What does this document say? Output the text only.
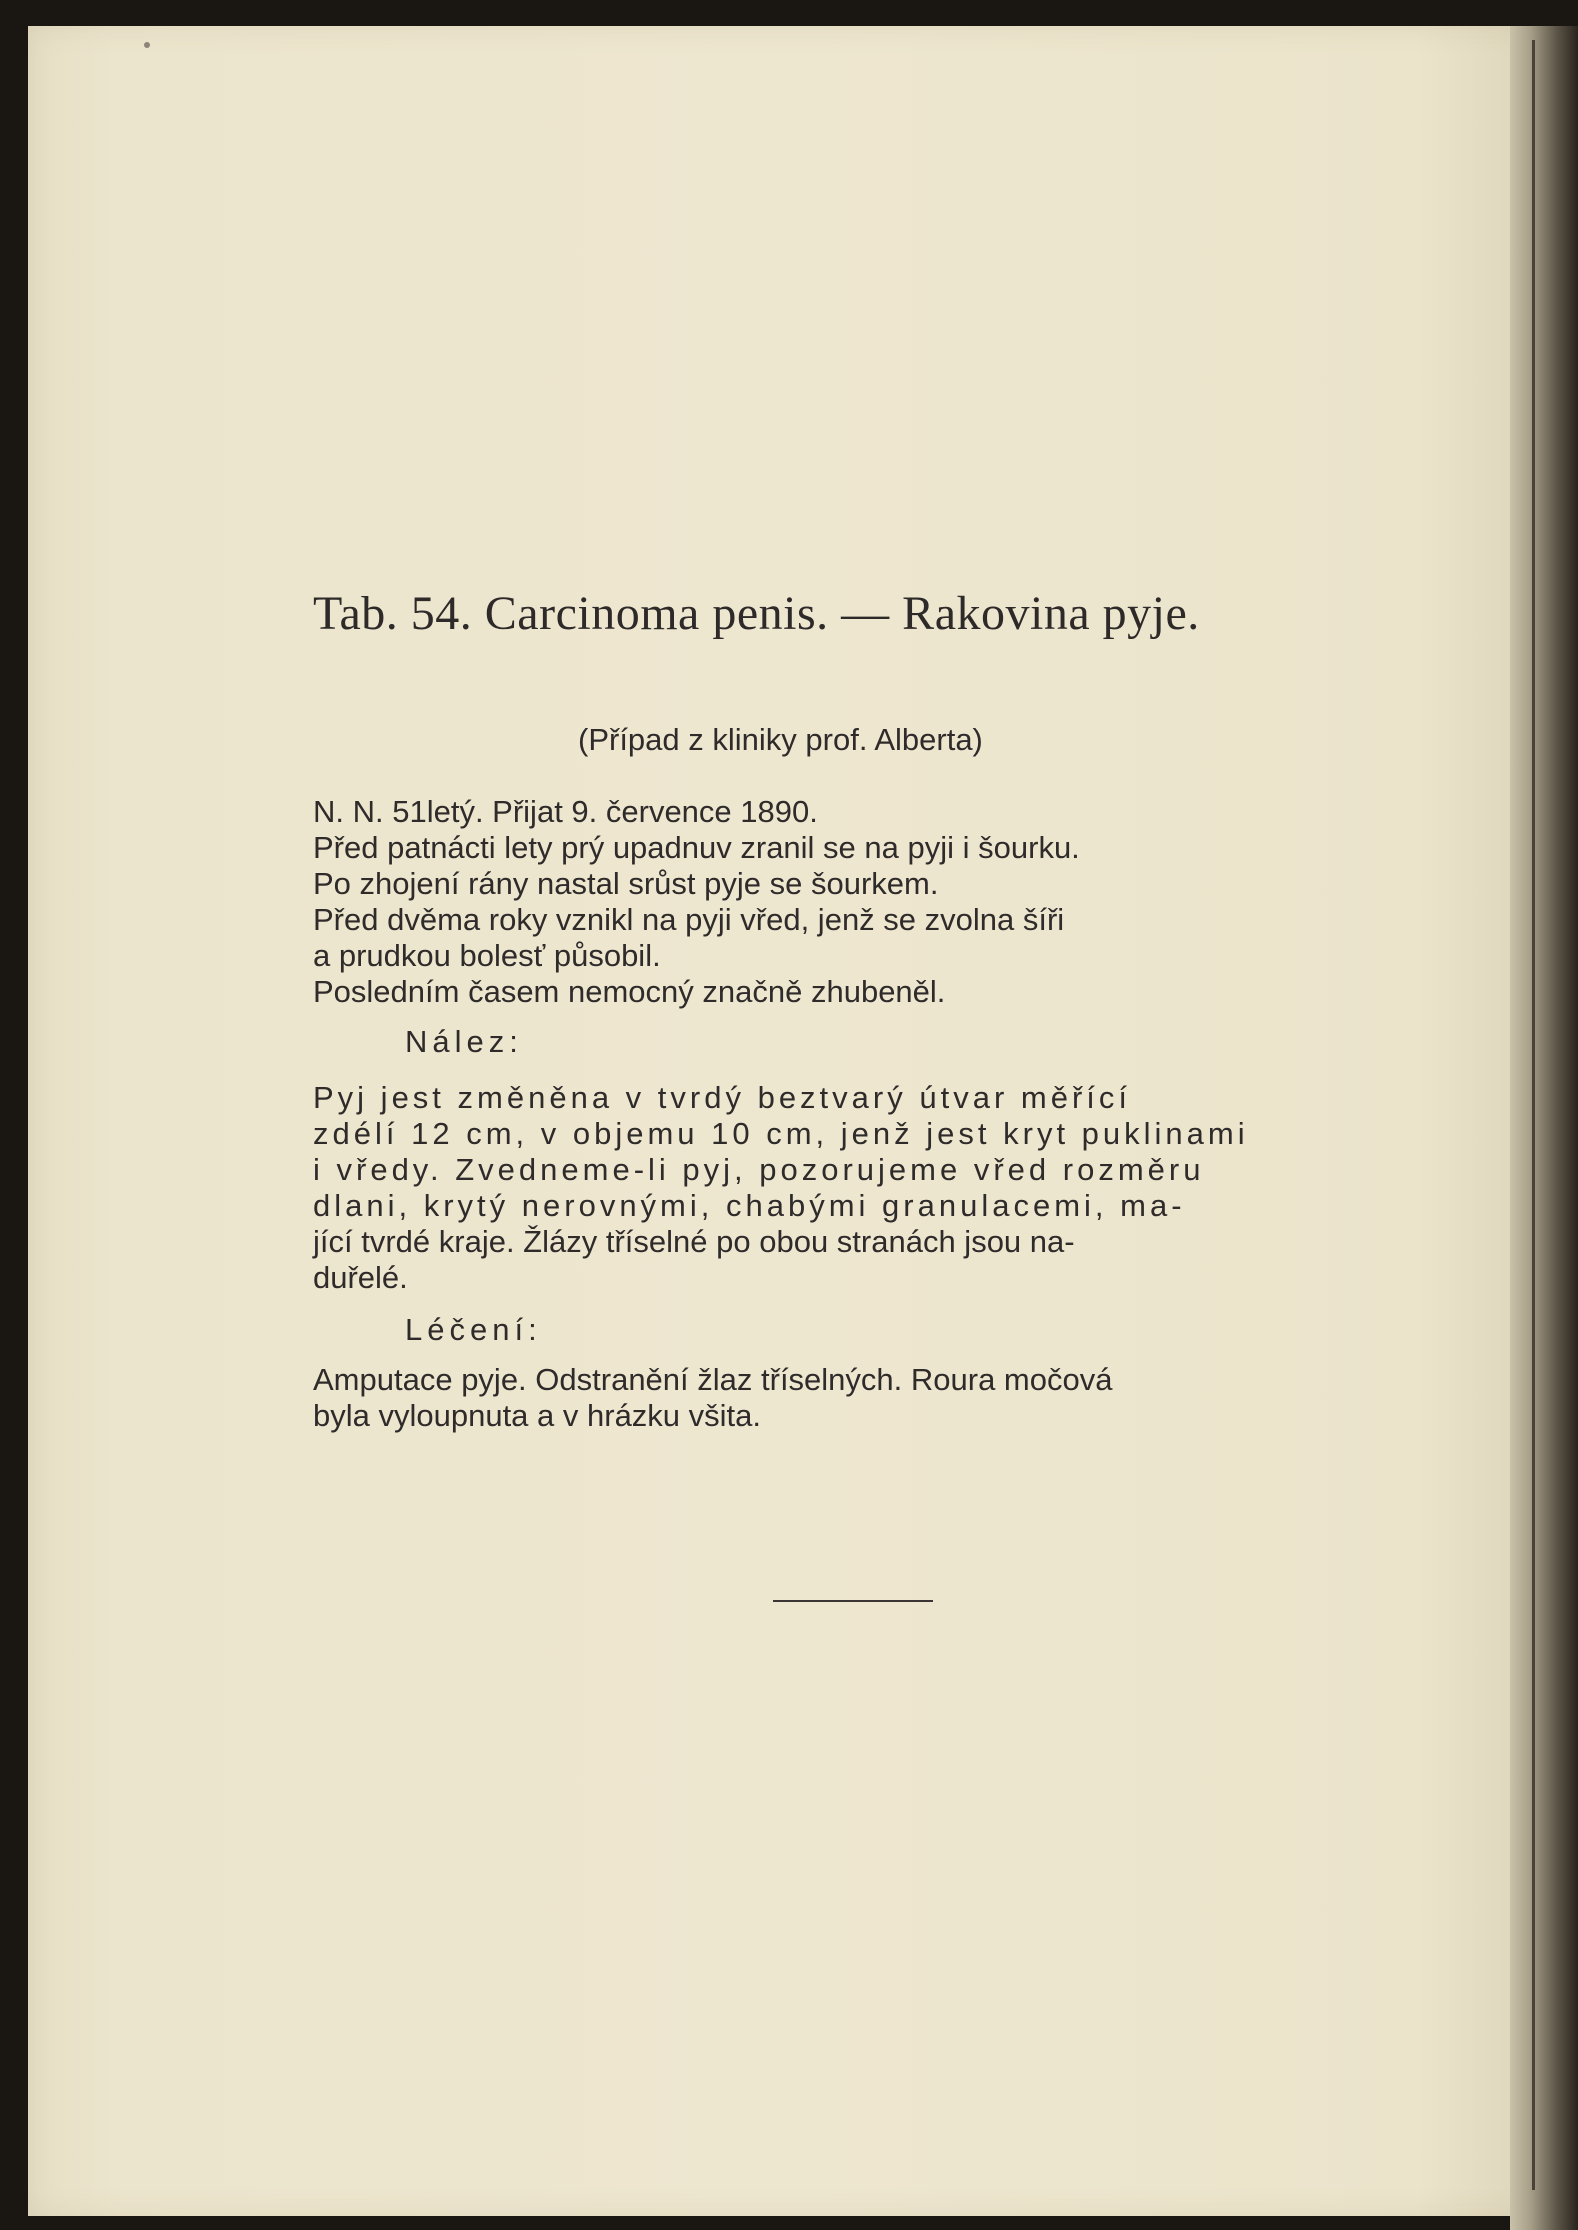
Tab. 54. Carcinoma penis. — Rakovina pyje.
(Případ z kliniky prof. Alberta)
N. N. 51letý. Přijat 9. července 1890.
Před patnácti lety prý upadnuv zranil se na pyji i šourku.
Po zhojení rány nastal srůst pyje se šourkem.
Před dvěma roky vznikl na pyji vřed, jenž se zvolna šíři
a prudkou bolesť působil.
Posledním časem nemocný značně zhubeněl.
Nález:
Pyj jest změněna v tvrdý beztvarý útvar měřící
zdélí 12 cm, v objemu 10 cm, jenž jest kryt puklinami
i vředy. Zvedneme-li pyj, pozorujeme vřed rozměru
dlani, krytý nerovnými, chabými granulacemi, ma-
jící tvrdé kraje. Žlázy tříselné po obou stranách jsou na-
duřelé.
Léčení:
Amputace pyje. Odstranění žlaz tříselných. Roura močová
byla vyloupnuta a v hrázku všita.
